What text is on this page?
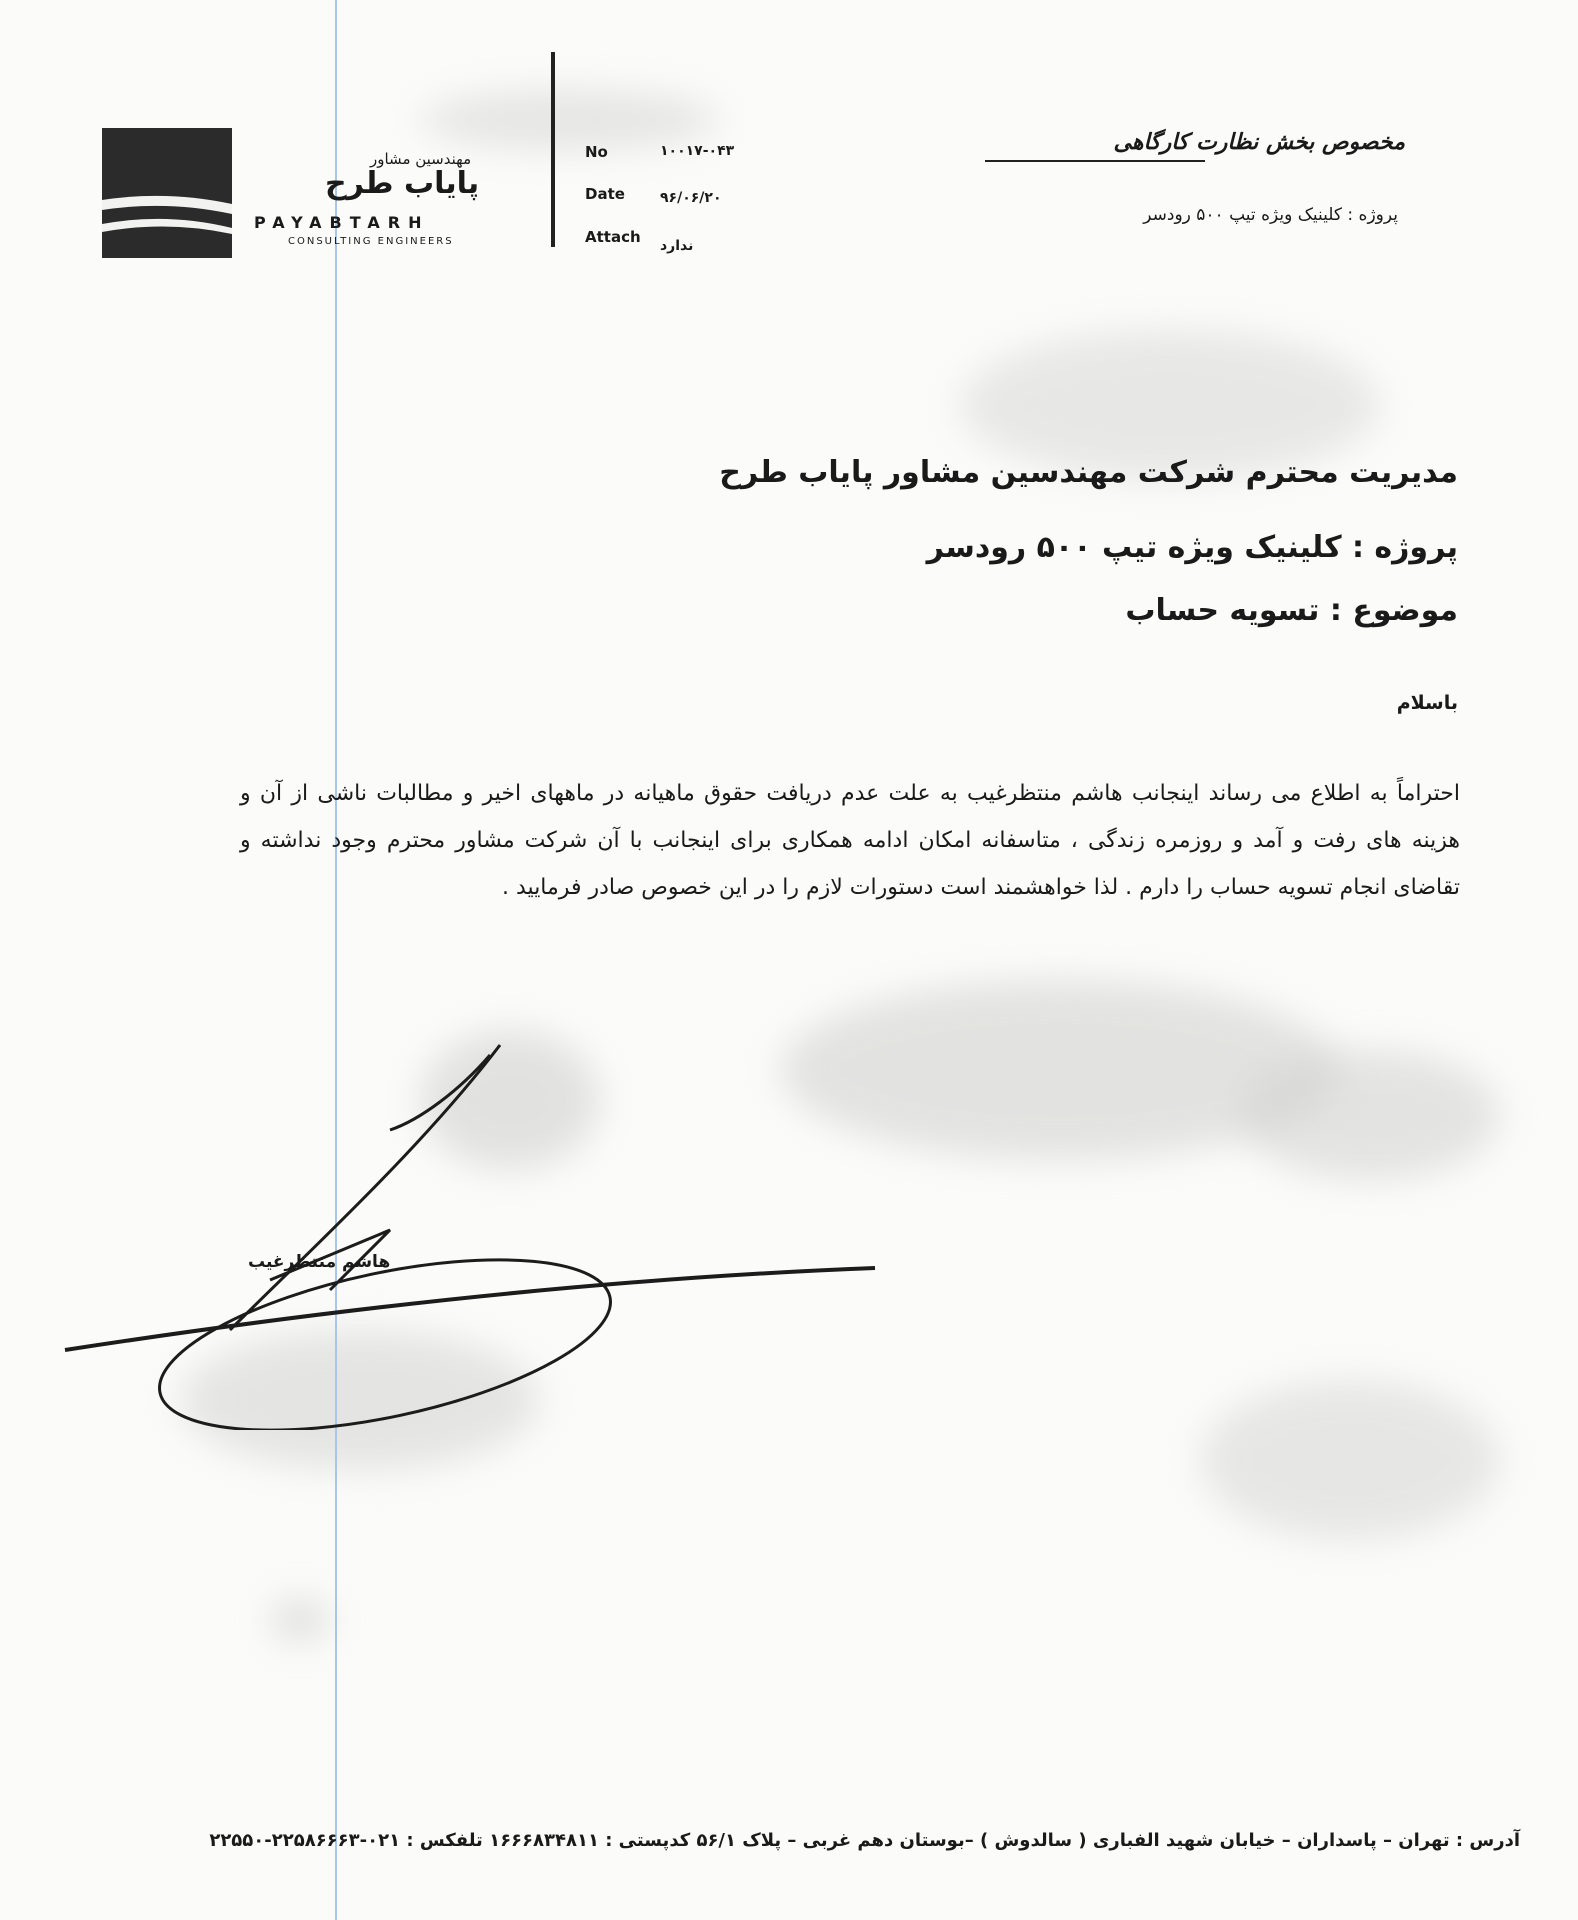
مهندسین مشاور
پایاب طرح
PAYABTARH
CONSULTING ENGINEERS
No	۱۰۰۱۷-۰۴۳
Date	۹۶/۰۶/۲۰
Attach ندارد
مخصوص بخش نظارت کارگاهی
پروژه : کلینیک ویژه تیپ ۵۰۰ رودسر
مدیریت محترم شرکت مهندسین مشاور پایاب طرح
پروژه : کلینیک ویژه تیپ ۵۰۰ رودسر
موضوع : تسویه حساب
باسلام
احتراماً به اطلاع می رساند اینجانب هاشم منتظرغیب به علت عدم دریافت حقوق ماهیانه در ماههای اخیر و مطالبات ناشی از آن و هزینه های رفت و آمد و روزمره زندگی ، متاسفانه امکان ادامه همکاری برای اینجانب با آن شرکت مشاور محترم وجود نداشته و تقاضای انجام تسویه حساب را دارم . لذا خواهشمند است دستورات لازم را در این خصوص صادر فرمایید .
هاشم منتظرغیب
آدرس : تهران – پاسداران – خیابان شهید الفباری ( سالدوش ) –بوستان دهم غربی – پلاک ۵۶/۱ کدپستی : ۱۶۶۶۸۳۴۸۱۱ تلفکس : ۰۲۱-۲۲۵۸۶۶۶۳-۲۲۵۵۰
